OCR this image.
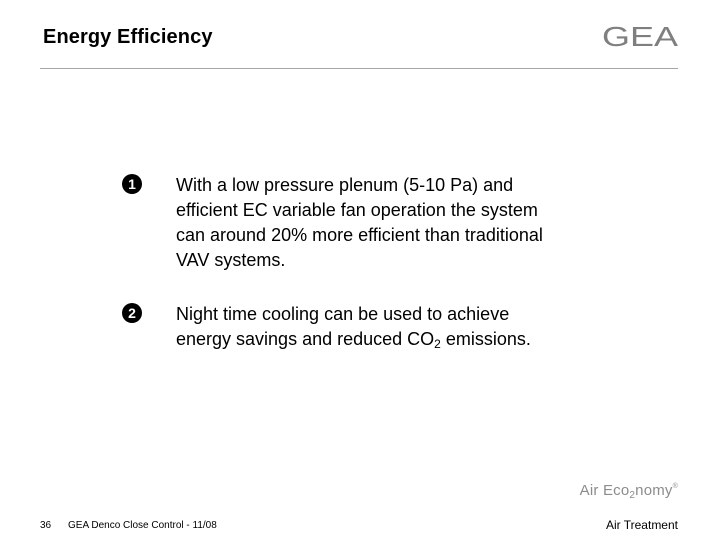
Energy Efficiency	GEA
1	With a low pressure plenum (5-10 Pa) and efficient EC variable fan operation the system can around 20% more efficient than traditional VAV systems.
2	Night time cooling can be used to achieve energy savings and reduced $CO_2$ emissions.
Air Eco$_2$nomy®
36 GEA Denco Close Control - 11/08	Air Treatment
